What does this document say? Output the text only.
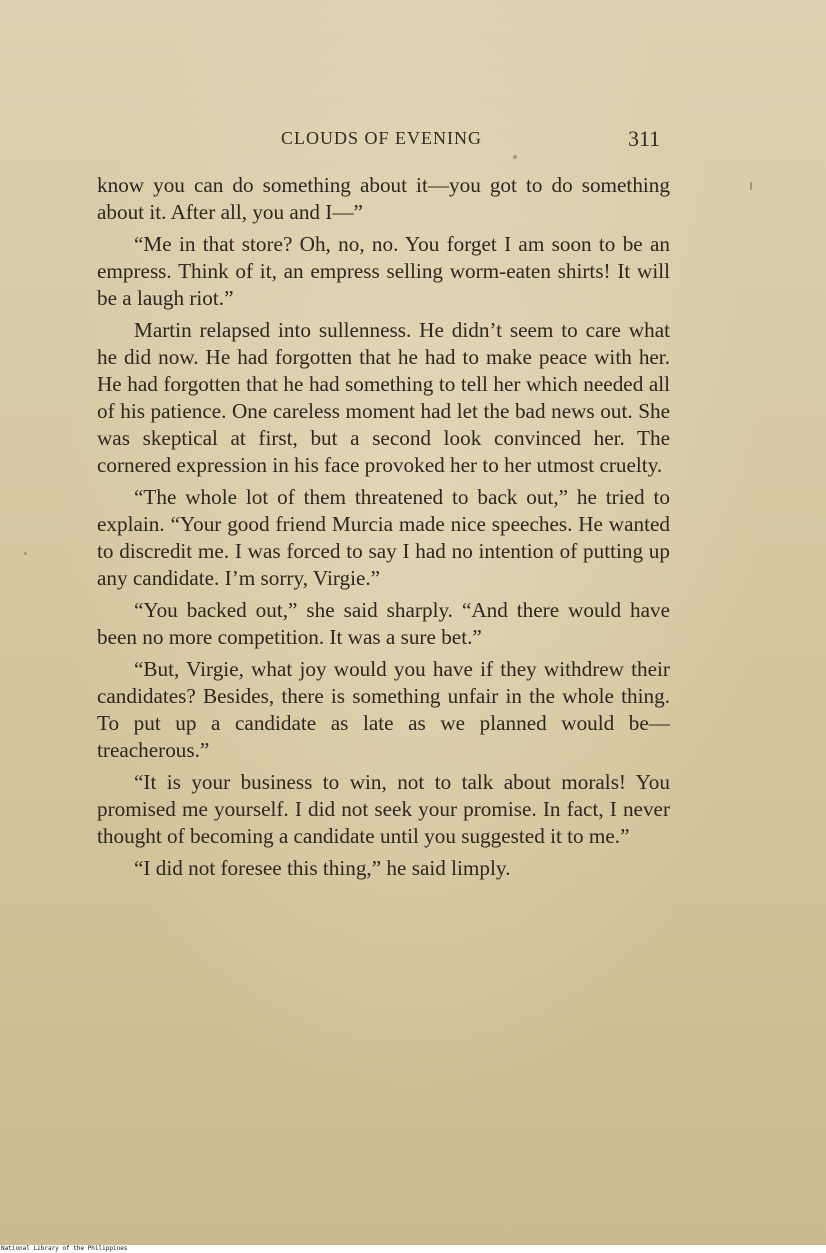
CLOUDS OF EVENING	311

know you can do something about it—you got to do something about it. After all, you and I—”

“Me in that store? Oh, no, no. You forget I am soon to be an empress. Think of it, an empress selling worm-eaten shirts! It will be a laugh riot.”

Martin relapsed into sullenness. He didn’t seem to care what he did now. He had forgotten that he had to make peace with her. He had forgotten that he had something to tell her which needed all of his patience. One careless moment had let the bad news out. She was skeptical at first, but a second look convinced her. The cornered expression in his face provoked her to her utmost cruelty.

“The whole lot of them threatened to back out,” he tried to explain. “Your good friend Murcia made nice speeches. He wanted to discredit me. I was forced to say I had no intention of putting up any candidate. I’m sorry, Virgie.”

“You backed out,” she said sharply. “And there would have been no more competition. It was a sure bet.”

“But, Virgie, what joy would you have if they withdrew their candidates? Besides, there is something unfair in the whole thing. To put up a candidate as late as we planned would be—treacherous.”

“It is your business to win, not to talk about morals! You promised me yourself. I did not seek your promise. In fact, I never thought of becoming a candidate until you suggested it to me.”

“I did not foresee this thing,” he said limply.

National Library of the Philippines
